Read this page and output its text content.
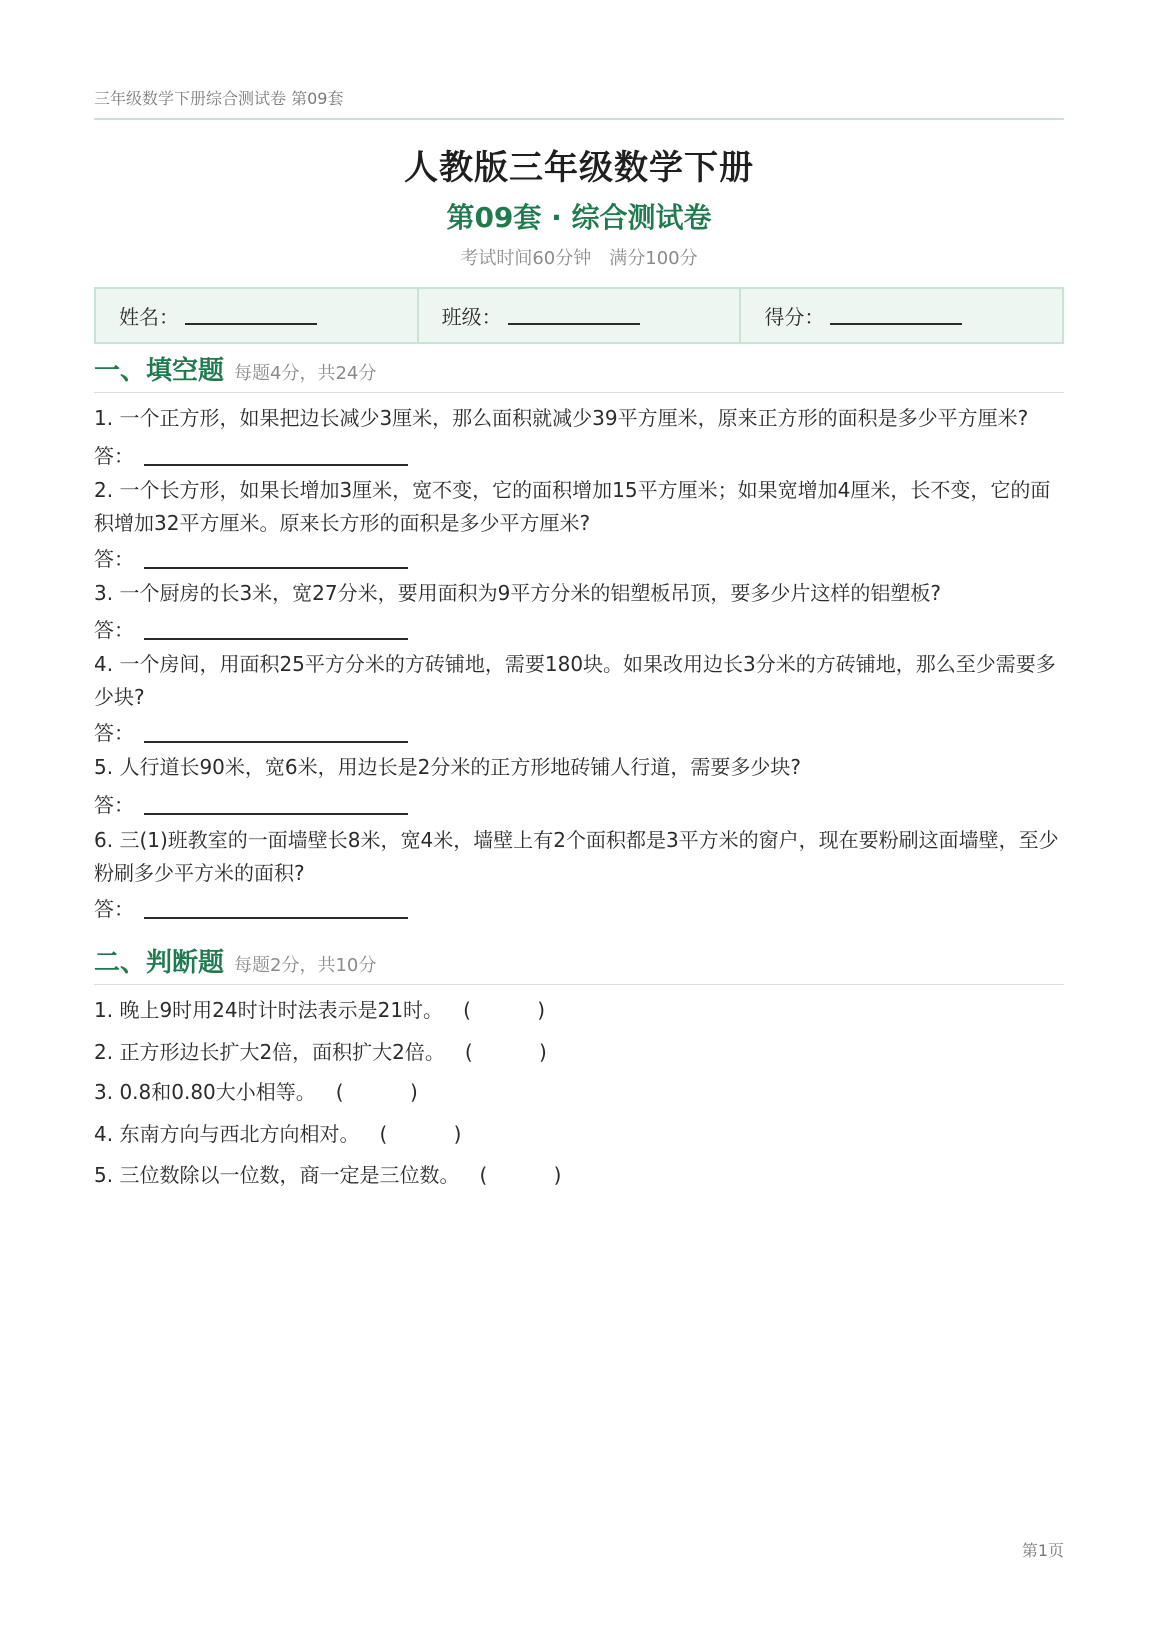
三年级数学下册综合测试卷 第09套
人教版三年级数学下册
第09套 · 综合测试卷
考试时间60分钟 满分100分
姓名：	班级：	得分：
一、填空题 每题4分，共24分
1. 一个正方形，如果把边长减少3厘米，那么面积就减少39平方厘米，原来正方形的面积是多少平方厘米?
答：
2. 一个长方形，如果长增加3厘米，宽不变，它的面积增加15平方厘米；如果宽增加4厘米，长不变，它的面积增加32平方厘米。原来长方形的面积是多少平方厘米?
答：
3. 一个厨房的长3米，宽27分米，要用面积为9平方分米的铝塑板吊顶，要多少片这样的铝塑板?
答：
4. 一个房间，用面积25平方分米的方砖铺地，需要180块。如果改用边长3分米的方砖铺地，那么至少需要多少块?
答：
5. 人行道长90米，宽6米，用边长是2分米的正方形地砖铺人行道，需要多少块?
答：
6. 三(1)班教室的一面墙壁长8米，宽4米，墙壁上有2个面积都是3平方米的窗户，现在要粉刷这面墙壁，至少粉刷多少平方米的面积?
答：
二、判断题 每题2分，共10分
1. 晚上9时用24时计时法表示是21时。 ( )
2. 正方形边长扩大2倍，面积扩大2倍。 ( )
3. 0.8和0.80大小相等。 ( )
4. 东南方向与西北方向相对。 ( )
5. 三位数除以一位数，商一定是三位数。 ( )
第1页
